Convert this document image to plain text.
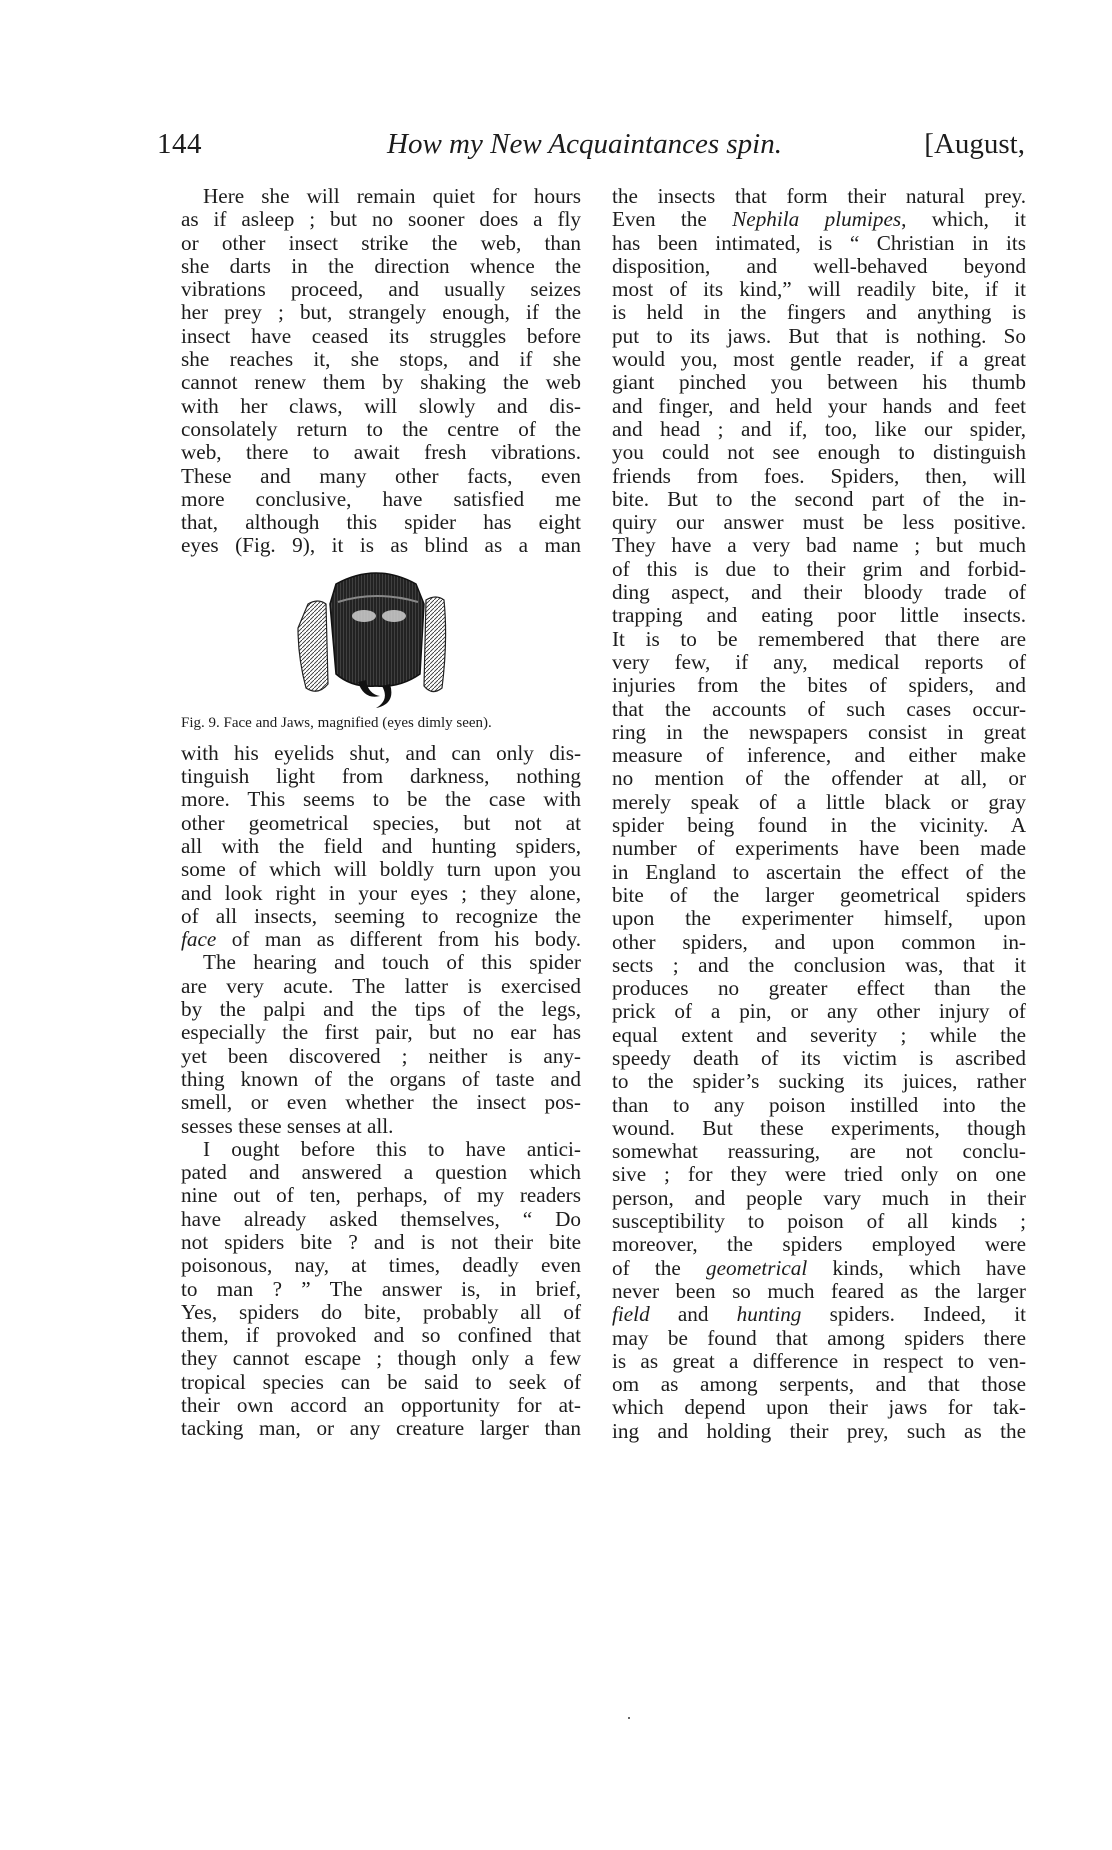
144	How my New Acquaintances spin.	[August,
Here she will remain quiet for hours
as if asleep ; but no sooner does a fly
or other insect strike the web, than
she darts in the direction whence the
vibrations proceed, and usually seizes
her prey ; but, strangely enough, if the
insect have ceased its struggles before
she reaches it, she stops, and if she
cannot renew them by shaking the web
with her claws, will slowly and dis-
consolately return to the centre of the
web, there to await fresh vibrations.
These and many other facts, even
more conclusive, have satisfied me
that, although this spider has eight
eyes (Fig. 9), it is as blind as a man
Fig. 9. Face and Jaws, magnified (eyes dimly seen).
with his eyelids shut, and can only dis-
tinguish light from darkness, nothing
more. This seems to be the case with
other geometrical species, but not at
all with the field and hunting spiders,
some of which will boldly turn upon you
and look right in your eyes ; they alone,
of all insects, seeming to recognize the
face of man as different from his body.
The hearing and touch of this spider
are very acute. The latter is exercised
by the palpi and the tips of the legs,
especially the first pair, but no ear has
yet been discovered ; neither is any-
thing known of the organs of taste and
smell, or even whether the insect pos-
sesses these senses at all.
I ought before this to have antici-
pated and answered a question which
nine out of ten, perhaps, of my readers
have already asked themselves, “ Do
not spiders bite ? and is not their bite
poisonous, nay, at times, deadly even
to man ? ” The answer is, in brief,
Yes, spiders do bite, probably all of
them, if provoked and so confined that
they cannot escape ; though only a few
tropical species can be said to seek of
their own accord an opportunity for at-
tacking man, or any creature larger than
the insects that form their natural prey.
Even the Nephila plumipes, which, it
has been intimated, is “ Christian in its
disposition, and well-behaved beyond
most of its kind,” will readily bite, if it
is held in the fingers and anything is
put to its jaws. But that is nothing. So
would you, most gentle reader, if a great
giant pinched you between his thumb
and finger, and held your hands and feet
and head ; and if, too, like our spider,
you could not see enough to distinguish
friends from foes. Spiders, then, will
bite. But to the second part of the in-
quiry our answer must be less positive.
They have a very bad name ; but much
of this is due to their grim and forbid-
ding aspect, and their bloody trade of
trapping and eating poor little insects.
It is to be remembered that there are
very few, if any, medical reports of
injuries from the bites of spiders, and
that the accounts of such cases occur-
ring in the newspapers consist in great
measure of inference, and either make
no mention of the offender at all, or
merely speak of a little black or gray
spider being found in the vicinity. A
number of experiments have been made
in England to ascertain the effect of the
bite of the larger geometrical spiders
upon the experimenter himself, upon
other spiders, and upon common in-
sects ; and the conclusion was, that it
produces no greater effect than the
prick of a pin, or any other injury of
equal extent and severity ; while the
speedy death of its victim is ascribed
to the spider’s sucking its juices, rather
than to any poison instilled into the
wound. But these experiments, though
somewhat reassuring, are not conclu-
sive ; for they were tried only on one
person, and people vary much in their
susceptibility to poison of all kinds ;
moreover, the spiders employed were
of the geometrical kinds, which have
never been so much feared as the larger
field and hunting spiders. Indeed, it
may be found that among spiders there
is as great a difference in respect to ven-
om as among serpents, and that those
which depend upon their jaws for tak-
ing and holding their prey, such as the
